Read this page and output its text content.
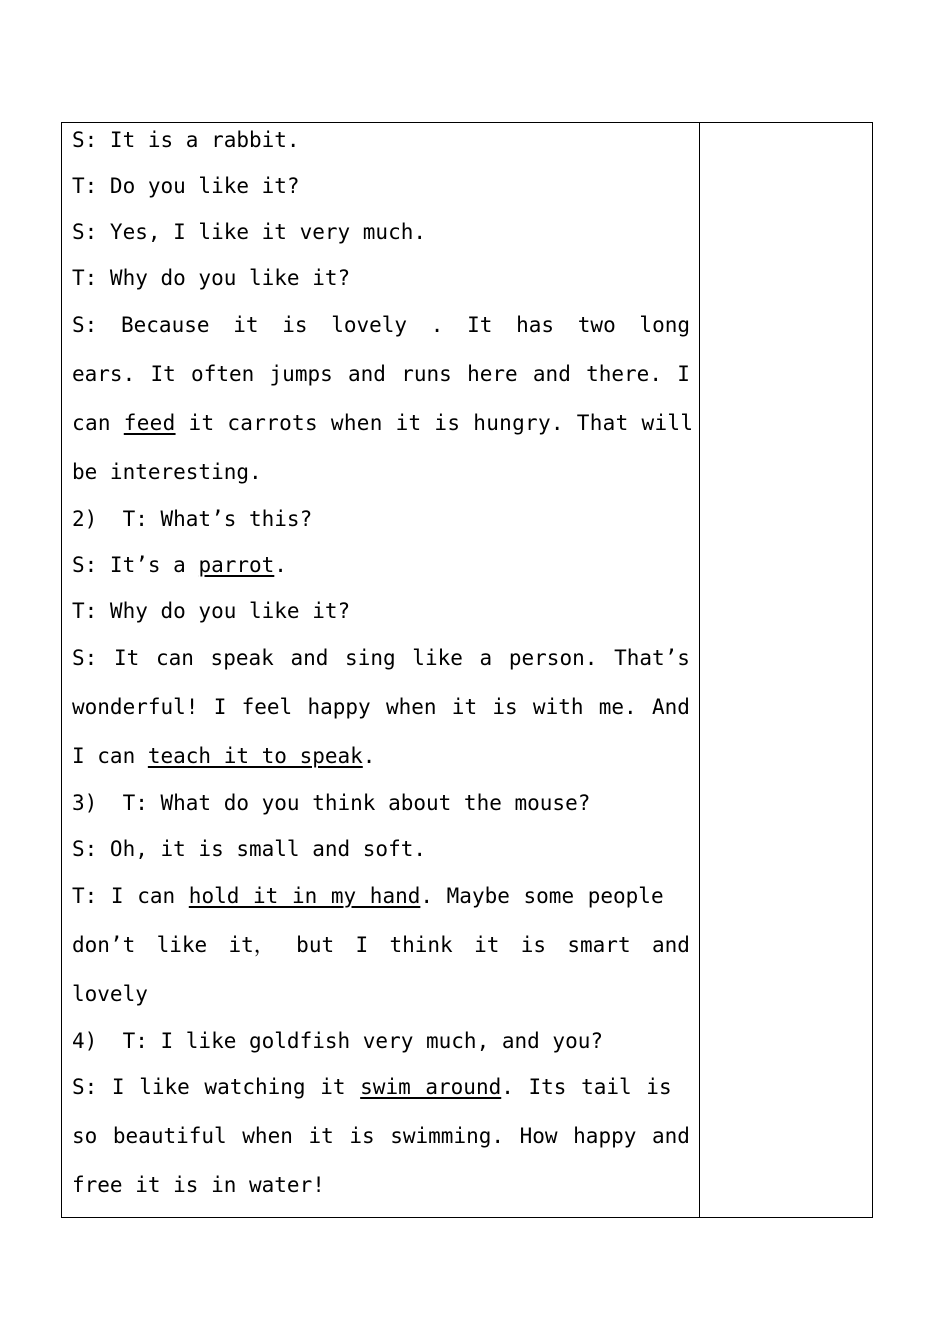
S: It is a rabbit.
T: Do you like it?
S: Yes, I like it very much.
T: Why do you like it?
S: Because it is lovely . It has two long
ears. It often jumps and runs here and there. I
can feed it carrots when it is hungry. That will
be interesting.
2)  T: What’s this?
S: It’s a parrot.
T: Why do you like it?
S: It can speak and sing like a person. That’s
wonderful! I feel happy when it is with me. And
I can teach it to speak.
3)  T: What do you think about the mouse?
S: Oh, it is small and soft.
T: I can hold it in my hand. Maybe some people
don’t like it， but I think it is smart and
lovely
4)  T: I like goldfish very much, and you?
S: I like watching it swim around. Its tail is
so beautiful when it is swimming. How happy and
free it is in water!
